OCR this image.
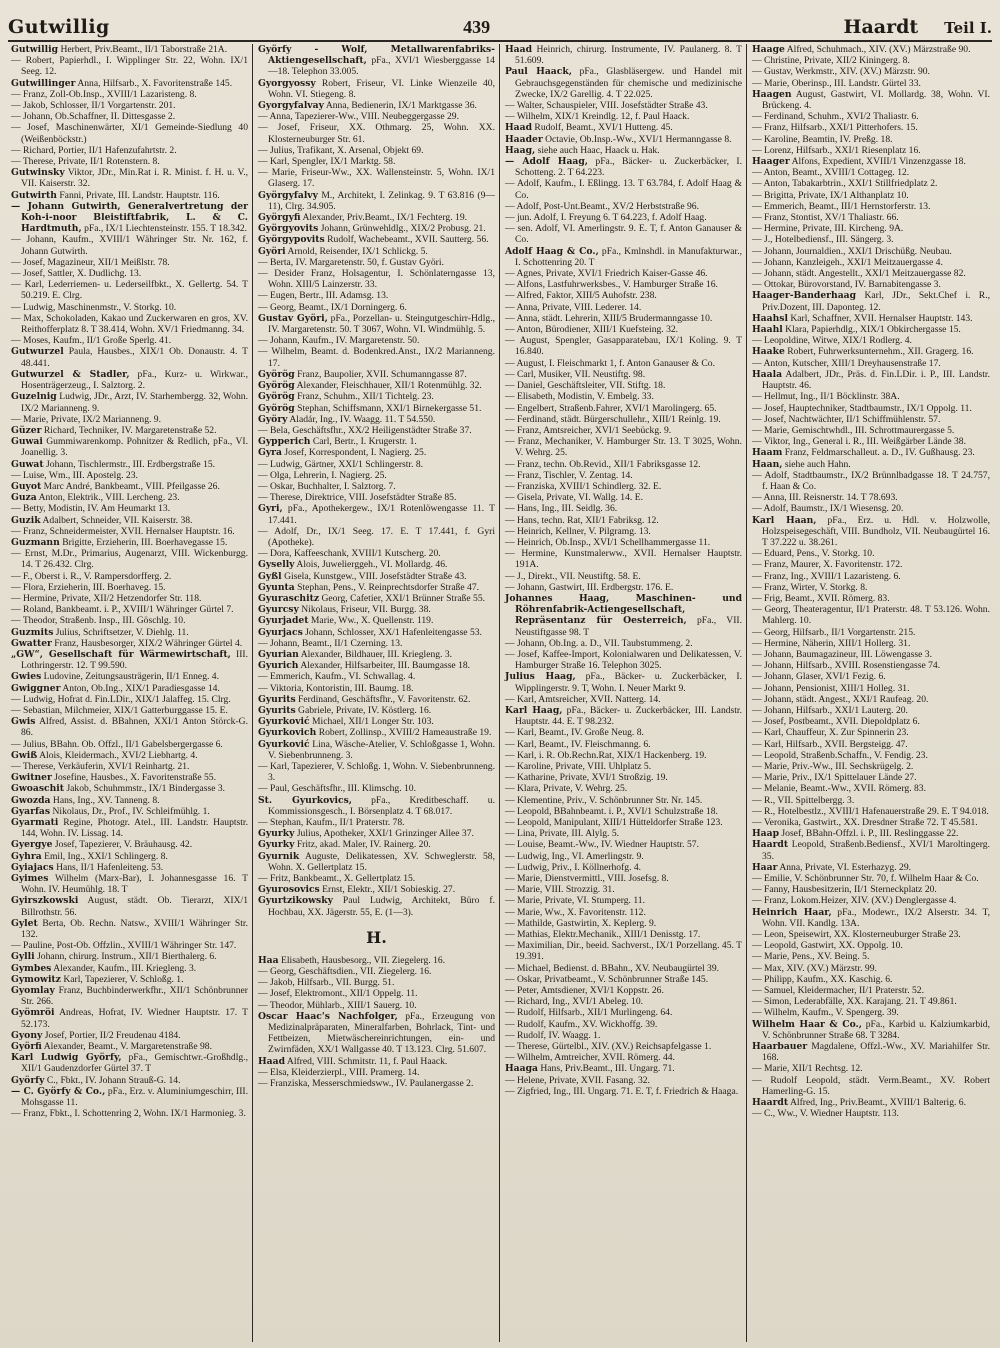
Gutwillig	439	Haardt Teil I.

Gutwillig Herbert, Priv.Beamt., II/1 Taborstraße 21A.

— Robert, Papierhdl., I. Wipplinger Str. 22, Wohn. IX/1 Seeg. 12.

Gutwillinger Anna, Hilfsarb., X. Favoritenstraße 145.

— Franz, Zoll-Ob.Insp., XVIII/1 Lazaristeng. 8.

— Jakob, Schlosser, II/1 Vorgartenstr. 201.

— Johann, Ob.Schaffner, II. Dittesgasse 2.

— Josef, Maschinenwärter, XI/1 Gemeinde-Siedlung 40 (Weißenböckstr.)

— Richard, Portier, II/1 Hafenzufahrtstr. 2.

— Therese, Private, II/1 Rotenstern. 8.

Gutwinsky Viktor, JDr., Min.Rat i. R. Minist. f. H. u. V., VII. Kaiserstr. 32.

Gutwirth Fanni, Private, III. Landstr. Hauptstr. 116.

— Johann Gutwirth, Generalvertretung der Koh-i-noor Bleistiftfabrik, L. & C. Hardtmuth, pFa., IX/1 Liechtensteinstr. 155. T 18.342.

— Johann, Kaufm., XVIII/1 Währinger Str. Nr. 162, f. Johann Gutwirth.

— Josef, Magazineur, XII/1 Meißlstr. 78.

— Josef, Sattler, X. Dudlichg. 13.

— Karl, Lederriemen- u. Lederseilfbkt., X. Gellertg. 54. T 50.219. E. Clrg.

— Ludwig, Maschinenmstr., V. Storkg. 10.

— Max, Schokoladen, Kakao und Zuckerwaren en gros, XV. Reithofferplatz 8. T 38.414, Wohn. XV/1 Friedmanng. 34.

— Moses, Kaufm., II/1 Große Sperlg. 41.

Gutwurzel Paula, Hausbes., XIX/1 Ob. Donaustr. 4. T 48.441.

Gutwurzel & Stadler, pFa., Kurz- u. Wirkwar., Hosenträgerzeug., I. Salztorg. 2.

Guzelnig Ludwig, JDr., Arzt, IV. Starhembergg. 32, Wohn. IX/2 Marianneng. 9.

— Marie, Private, IX/2 Marianneng. 9.

Güzer Richard, Techniker, IV. Margaretenstraße 52.

Guwai Gummiwarenkomp. Pohnitzer & Redlich, pFa., VI. Joanellig. 3.

Guwat Johann, Tischlermstr., III. Erdbergstraße 15.

— Luise, Wm., III. Apostelg. 23.

Guyot Marc André, Bankbeamt., VIII. Pfeilgasse 26.

Guza Anton, Elektrik., VIII. Lercheng. 23.

— Betty, Modistin, IV. Am Heumarkt 13.

Guzik Adalbert, Schneider, VII. Kaiserstr. 38.

— Franz, Schneidermeister, XVII. Hernalser Hauptstr. 16.

Guzmann Brigitte, Erzieherin, III. Boerhavegasse 15.

— Ernst, M.Dr., Primarius, Augenarzt, VIII. Wickenburgg. 14. T 26.432. Clrg.

— F., Oberst i. R., V. Rampersdorfferg. 2.

— Flora, Erzieherin, III. Boerhaveg. 15.

— Hermine, Private, XII/2 Hetzendorfer Str. 118.

— Roland, Bankbeamt. i. P., XVIII/1 Währinger Gürtel 7.

— Theodor, Straßenb. Insp., III. Göschlg. 10.

Guzmits Julius, Schriftsetzer, V. Diehlg. 11.

Gwatter Franz, Hausbesorger, XIX/2 Währinger Gürtel 4.

„GW“, Gesellschaft für Wärmewirtschaft, III. Lothringerstr. 12. T 99.590.

Gwies Ludovine, Zeitungsausträgerin, II/1 Enneg. 4.

Gwiggner Anton, Ob.Ing., XIX/1 Paradiesgasse 14.

— Ludwig, Hofrat d. Fin.LDir., XIX/1 Jalaffeg. 15. Clrg.

— Sebastian, Milchmeier, XIX/1 Gatterburggasse 15. E.

Gwis Alfred, Assist. d. BBahnen, XXI/1 Anton Störck-G. 86.

— Julius, BBahn. Ob. Offzl., II/1 Gabelsbergergasse 6.

Gwiß Alois, Kleidermach., XVI/2 Liebhartg. 4.

— Therese, Verkäuferin, XVI/1 Reinhartg. 21.

Gwitner Josefine, Hausbes., X. Favoritenstraße 55.

Gwoaschit Jakob, Schuhmmstr., IX/1 Bindergasse 3.

Gwozda Hans, Ing., XV. Tanneng. 8.

Gyarfas Nikolaus, Dr., Prof., IV. Schleifmühlg. 1.

Gyarmati Regine, Photogr. Atel., III. Landstr. Hauptstr. 144, Wohn. IV. Lissag. 14.

Gyergye Josef, Tapezierer, V. Bräuhausg. 42.

Gyhra Emil, Ing., XXI/1 Schlingerg. 8.

Gyiajacs Hans, II/1 Hafenleiteng. 53.

Gyimes Wilhelm (Marx-Bar), I. Johannesgasse 16. T Wohn. IV. Heumühlg. 18. T

Gyirszkowski August, städt. Ob. Tierarzt, XIX/1 Billrothstr. 56.

Gylet Berta, Ob. Rechn. Natsw., XVIII/1 Währinger Str. 132.

— Pauline, Post-Ob. Offzlin., XVIII/1 Währinger Str. 147.

Gylli Johann, chirurg. Instrum., XII/1 Bierthalerg. 6.

Gymbes Alexander, Kaufm., III. Kriegleng. 3.

Gymowitz Karl, Tapezierer, V. Schloßg. 1.

Gyomlay Franz, Buchbinderwerkfhr., XII/1 Schönbrunner Str. 266.

Gyömröi Andreas, Hofrat, IV. Wiedner Hauptstr. 17. T 52.173.

Gyony Josef, Portier, II/2 Freudenau 4184.

Györfi Alexander, Beamt., V. Margaretenstraße 98.

Karl Ludwig Györfy, pFa., Gemischtwr.-Großhdlg., XII/1 Gaudenzdorfer Gürtel 37. T

Györfy C., Fbkt., IV. Johann Strauß-G. 14.

— C. Györfy & Co., pFa., Erz. v. Aluminiumgeschirr, III. Mohsgasse 11.

— Franz, Fbkt., I. Schottenring 2, Wohn. IX/1 Harmonieg. 3.

Györfy - Wolf, Metallwarenfabriks-Aktiengesellschaft, pFa., XVI/1 Wiesberggasse 14—18. Telephon 33.005.

Gyorgyossy Robert, Friseur, VI. Linke Wienzeile 40, Wohn. VI. Stiegeng. 8.

Gyorgyfalvay Anna, Bedienerin, IX/1 Marktgasse 36.

— Anna, Tapezierer-Ww., VIII. Neubeggergasse 29.

— Josef, Friseur, XX. Othmarg. 25, Wohn. XX. Klosterneuburger Str. 61.

— Julius, Trafikant, X. Arsenal, Objekt 69.

— Karl, Spengler, IX/1 Marktg. 58.

— Marie, Friseur-Ww., XX. Wallensteinstr. 5, Wohn. IX/1 Glaserg. 17.

Györgyfalvy M., Architekt, I. Zelinkag. 9. T 63.816 (9—11), Clrg. 34.905.

Györgyfi Alexander, Priv.Beamt., IX/1 Fechterg. 19.

Györgyovits Johann, Grünwehldlg., XIX/2 Probusg. 21.

Györgypovits Rudolf, Wachebeamt., XVII. Sautterg. 56.

Györi Arnold, Reisender, IX/1 Schlickg. 5.

— Berta, IV. Margaretenstr. 50, f. Gustav Györi.

— Desider Franz, Holsagentur, I. Schönlaterngasse 13, Wohn. XIII/5 Lainzerstr. 33.

— Eugen, Bertr., III. Adamsg. 13.

— Georg, Beamt., IX/1 Dorningerg. 6.

Gustav Györi, pFa., Porzellan- u. Steingutgeschirr-Hdlg., IV. Margaretenstr. 50. T 3067, Wohn. VI. Windmühlg. 5.

— Johann, Kaufm., IV. Margaretenstr. 50.

— Wilhelm, Beamt. d. Bodenkred.Anst., IX/2 Marianneng. 17.

Györög Franz, Baupolier, XVII. Schumanngasse 87.

Györög Alexander, Fleischhauer, XII/1 Rotenmühlg. 32.

Györög Franz, Schuhm., XII/1 Tichtelg. 23.

Györög Stephan, Schiffsmann, XXI/1 Birnekergasse 51.

Györy Aladár, Ing., IV. Waagg. 11. T 54.550.

— Bela, Geschäftsfhr., XX/2 Heiligenstädter Straße 37.

Gypperich Carl, Bertr., I. Krugerstr. 1.

Gyra Josef, Korrespondent, I. Nagierg. 25.

— Ludwig, Gärtner, XXI/1 Schlingerstr. 8.

— Olga, Lehrerin, I. Nagierg. 25.

— Oskar, Buchhalter, I. Salztorg. 7.

— Therese, Direktrice, VIII. Josefstädter Straße 85.

Gyri, pFa., Apothekergew., IX/1 Rotenlöwengasse 11. T 17.441.

— Adolf, Dr., IX/1 Seeg. 17. E. T 17.441, f. Gyri (Apotheke).

— Dora, Kaffeeschank, XVIII/1 Kutscherg. 20.

Gyselly Alois, Juwelierggeh., VI. Mollardg. 46.

Gyßl Gisela, Kunstgew., VIII. Josefstädter Straße 43.

Gyunta Stephan, Pens., V. Reinprechtsdorfer Straße 47.

Gyuraschitz Georg, Cafetier, XXI/1 Brünner Straße 55.

Gyurcsy Nikolaus, Friseur, VII. Burgg. 38.

Gyurjadet Marie, Ww., X. Quellenstr. 119.

Gyurjacs Johann, Schlosser, XX/1 Hafenleitengasse 53.

— Johann, Beamt., II/1 Czerning. 13.

Gyurian Alexander, Bildhauer, III. Kriegleng. 3.

Gyurich Alexander, Hilfsarbeiter, III. Baumgasse 18.

— Emmerich, Kaufm., VI. Schwallag. 4.

— Viktoria, Kontoristin, III. Baumg. 18.

Gyurits Ferdinand, Geschäftsfhr., V. Favoritenstr. 62.

Gyurits Gabriele, Private, IV. Köstlerg. 16.

Gyurković Michael, XII/1 Longer Str. 103.

Gyurkovich Robert, Zollinsp., XVIII/2 Hameaustraße 19.

Gyurković Lina, Wäsche-Atelier, V. Schloßgasse 1, Wohn. V. Siebenbrunneng. 3.

— Karl, Tapezierer, V. Schloßg. 1, Wohn. V. Siebenbrunneng. 3.

— Paul, Geschäftsfhr., III. Klimschg. 10.

St. Gyurkovics, pFa., Kreditbeschaff. u. Kommissionsgesch., I. Börsenplatz 4. T 68.017.

— Stephan, Kaufm., II/1 Praterstr. 78.

Gyurky Julius, Apotheker, XXI/1 Grinzinger Allee 37.

Gyurky Fritz, akad. Maler, IV. Rainerg. 20.

Gyurnik Auguste, Delikatessen, XV. Schweglerstr. 58, Wohn. X. Gellertplatz 15.

— Fritz, Bankbeamt., X. Gellertplatz 15.

Gyurosovics Ernst, Elektr., XII/1 Sobieskig. 27.

Gyurtzikowsky Paul Ludwig, Architekt, Büro f. Hochbau, XX. Jägerstr. 55, E. (1—3).

H.

Haa Elisabeth, Hausbesorg., VII. Ziegelerg. 16.

— Georg, Geschäftsdien., VII. Ziegelerg. 16.

— Jakob, Hilfsarb., VII. Burgg. 51.

— Josef, Elektromont., XII/1 Oppelg. 11.

— Theodor, Mühlarb., XIII/1 Sauerg. 10.

Oscar Haac's Nachfolger, pFa., Erzeugung von Medizinalpräparaten, Mineralfarben, Bohrlack, Tint- und Fettbeizen, Mietwäschereinrichtungen, ein- und Zwirnfäden, XX/1 Wallgasse 40. T 13.123. Clrg. 51.607.

Haad Alfred, VIII. Schmitstr. 11, f. Paul Haack.

— Elsa, Kleiderzierpl., VIII. Pramerg. 14.

— Franziska, Messerschmiedsww., IV. Paulanergasse 2.

Haad Heinrich, chirurg. Instrumente, IV. Paulanerg. 8. T 51.609.

Paul Haack, pFa., Glasbläsergew. und Handel mit Gebrauchsgegenständen für chemische und medizinische Zwecke, IX/2 Garellig. 4. T 22.025.

— Walter, Schauspieler, VIII. Josefstädter Straße 43.

— Wilhelm, XIX/1 Kreindlg. 12, f. Paul Haack.

Haad Rudolf, Beamt., XVI/1 Hutteng. 45.

Haader Octavie, Ob.Insp.-Ww., XVI/1 Hermanngasse 8.

Haag, siehe auch Haac, Haack u. Hak.

— Adolf Haag, pFa., Bäcker- u. Zuckerbäcker, I. Schotteng. 2. T 64.223.

— Adolf, Kaufm., I. Eßlingg. 13. T 63.784, f. Adolf Haag & Co.

— Adolf, Post-Unt.Beamt., XV/2 Herbststraße 96.

— jun. Adolf, I. Freyung 6. T 64.223, f. Adolf Haag.

— sen. Adolf, VI. Amerlingstr. 9. E. T, f. Anton Ganauser & Co.

Adolf Haag & Co., pFa., Kmlnshdl. in Manufakturwar., I. Schottenring 20. T

— Agnes, Private, XVI/1 Friedrich Kaiser-Gasse 46.

— Alfons, Lastfuhrwerksbes., V. Hamburger Straße 16.

— Alfred, Faktor, XIII/5 Auhofstr. 238.

— Anna, Private, VIII. Lederer. 14.

— Anna, städt. Lehrerin, XIII/5 Brudermanngasse 10.

— Anton, Bürodiener, XIII/1 Kuefsteing. 32.

— August, Spengler, Gasapparatebau, IX/1 Koling. 9. T 16.840.

— August, I. Fleischmarkt 1, f. Anton Ganauser & Co.

— Carl, Musiker, VII. Neustiftg. 98.

— Daniel, Geschäftsleiter, VII. Stiftg. 18.

— Elisabeth, Modistin, V. Embelg. 33.

— Engelbert, Straßenb.Fahrer, XVI/1 Marolingerg. 65.

— Ferdinand, städt. Bürgerschullehr., XIII/1 Reinlg. 19.

— Franz, Amtsreicher, XVI/1 Seebückg. 9.

— Franz, Mechaniker, V. Hamburger Str. 13. T 3025, Wohn. V. Wehrg. 25.

— Franz, techn. Ob.Revid., XII/1 Fabriksgasse 12.

— Franz, Tischler, V. Zentag. 14.

— Franziska, XVIII/1 Schindlerg. 32. E.

— Gisela, Private, VI. Wallg. 14. E.

— Hans, Ing., III. Seidlg. 36.

— Hans, techn. Rat, XII/1 Fabriksg. 12.

— Heinrich, Kellner, V. Pilgramg. 13.

— Heinrich, Ob.Insp., XVI/1 Schellhammergasse 11.

— Hermine, Kunstmalerww., XVII. Hernalser Hauptstr. 191A.

— J., Direkt., VII. Neustiftg. 58. E.

— Johann, Gastwirt, III. Erdbergstr. 176. E.

Johannes Haag, Maschinen- und Röhrenfabrik-Actiengesellschaft, Repräsentanz für Oesterreich, pFa., VII. Neustiftgasse 98. T

— Johann, Ob.Ing. a. D., VII. Taubstummeng. 2.

— Josef, Kaffee-Import, Kolonialwaren und Delikatessen, V. Hamburger Straße 16. Telephon 3025.

Julius Haag, pFa., Bäcker- u. Zuckerbäcker, I. Wipplingerstr. 9. T, Wohn. I. Neuer Markt 9.

— Karl, Amtsreicher, XVII. Natterg. 14.

Karl Haag, pFa., Bäcker- u. Zuckerbäcker, III. Landstr. Hauptstr. 44. E. T 98.232.

— Karl, Beamt., IV. Große Neug. 8.

— Karl, Beamt., IV. Fleischmanng. 6.

— Karl, i. R. Ob.Rechn.Rat, XIX/1 Hackenberg. 19.

— Karoline, Private, VIII. Uhlplatz 5.

— Katharine, Private, XVI/1 Stroßzig. 19.

— Klara, Private, V. Wehrg. 25.

— Klementine, Priv., V. Schönbrunner Str. Nr. 145.

— Leopold, BBahnbeamt. i. P., XVI/1 Schulzstraße 18.

— Leopold, Manipulant, XIII/1 Hütteldorfer Straße 123.

— Lina, Private, III. Alylg. 5.

— Louise, Beamt.-Ww., IV. Wiedner Hauptstr. 57.

— Ludwig, Ing., VI. Amerlingstr. 9.

— Ludwig, Priv., I. Köllnerhofg. 4.

— Marie, Dienstvermittl., VIII. Josefsg. 8.

— Marie, VIII. Strozzig. 31.

— Marie, Private, VI. Stumperg. 11.

— Marie, Ww., X. Favoritenstr. 112.

— Mathilde, Gastwirtin, X. Keplerg. 9.

— Mathias, Elektr.Mechanik., XIII/1 Denisstg. 17.

— Maximilian, Dir., beeid. Sachverst., IX/1 Porzellang. 45. T 19.391.

— Michael, Bedienst. d. BBahn., XV. Neubaugürtel 39.

— Oskar, Privatbeamt., V. Schönbrunner Straße 145.

— Peter, Amtsdiener, XVI/1 Koppstr. 26.

— Richard, Ing., XVI/1 Abeleg. 10.

— Rudolf, Hilfsarb., XII/1 Murlingeng. 64.

— Rudolf, Kaufm., XV. Wickhoffg. 39.

— Rudolf, IV. Waagg. 1.

— Therese, Gürtelbl., XIV. (XV.) Reichsapfelgasse 1.

— Wilhelm, Amtreicher, XVII. Römerg. 44.

Haaga Hans, Priv.Beamt., III. Ungarg. 71.

— Helene, Private, XVII. Fasang. 32.

— Zigfried, Ing., III. Ungarg. 71. E. T, f. Friedrich & Haaga.

Haage Alfred, Schuhmach., XIV. (XV.) Märzstraße 90.

— Christine, Private, XII/2 Kiningerg. 8.

— Gustav, Werkmstr., XIV. (XV.) Märzstr. 90.

— Marie, Oberinsp., III. Landstr. Gürtel 33.

Haagen August, Gastwirt, VI. Mollardg. 38, Wohn. VI. Brückeng. 4.

— Ferdinand, Schuhm., XVI/2 Thaliastr. 6.

— Franz, Hilfsarb., XXI/1 Pitterhofers. 15.

— Karoline, Beamtin, IV. Preßg. 18.

— Lorenz, Hilfsarb., XXI/1 Riesenplatz 16.

Haager Alfons, Expedient, XVIII/1 Vinzenzgasse 18.

— Anton, Beamt., XVIII/1 Cottageg. 12.

— Anton, Tabakarbtrin., XXI/1 Stillfriedplatz 2.

— Brigitta, Private, IX/1 Althanplatz 10.

— Emmerich, Beamt., III/1 Hernstorferstr. 13.

— Franz, Stontist, XV/1 Thaliastr. 66.

— Hermine, Private, III. Kircheng. 9A.

— J., Hotelbediensf., III. Sängerg. 3.

— Johann, Journaldien., XXI/1 Drischüßg. Neubau.

— Johann, Kanzleigeh., XXI/1 Meitzauergasse 4.

— Johann, städt. Angestellt., XXI/1 Meitzauergasse 82.

— Ottokar, Bürovorstand, IV. Barnabitengasse 3.

Haager-Banderhaag Karl, JDr., Sekt.Chef i. R., Priv.Dozent, III. Daponteg. 12.

Haahsl Karl, Schaffner, XVII. Hernalser Hauptstr. 143.

Haahl Klara, Papierhdlg., XIX/1 Obkirchergasse 15.

— Leopoldine, Witwe, XIX/1 Rodlerg. 4.

Haake Robert, Fuhrwerksunternehm., XII. Gragerg. 16.

— Anton, Kutscher, XIII/1 Dreyhausenstraße 17.

Haala Adalbert, JDr., Präs. d. Fin.LDir. i. P., III. Landstr. Hauptstr. 46.

— Hellmut, Ing., II/1 Böcklinstr. 38A.

— Josef, Hauptechniker, Stadtbaumstr., IX/1 Oppolg. 11.

— Josef, Nachtwächter, II/1 Schiffmühlenstr. 57.

— Marie, Gemischtwhdl., III. Schrottmaurergasse 5.

— Viktor, Ing., General i. R., III. Weißgärber Lände 38.

Haam Franz, Feldmarschalleut. a. D., IV. Gußhausg. 23.

Haan, siehe auch Hahn.

— Adolf, Stadtbaumstr., IX/2 Brünnlbadgasse 18. T 24.757, f. Haan & Co.

— Anna, III. Reisnerstr. 14. T 78.693.

— Adolf, Baumstr., IX/1 Wiesensg. 20.

Karl Haan, pFa., Erz. u. Hdl. v. Holzwolle, Holzspeisegeschäft, VIII. Bundholz, VII. Neubaugürtel 16. T 37.222 u. 38.261.

— Eduard, Pens., V. Storkg. 10.

— Franz, Maurer, X. Favoritenstr. 172.

— Franz, Ing., XVIII/1 Lazaristeng. 6.

— Franz, Wirter, V. Storkg. 8.

— Frig, Beamt., XVII. Römerg. 83.

— Georg, Theateragentur, II/1 Praterstr. 48. T 53.126. Wohn. Mahlerg. 10.

— Georg, Hilfsarb., II/1 Vorgartenstr. 215.

— Hermine, Näherin, XIII/1 Hollerg. 31.

— Johann, Baumagazineur, III. Löwengasse 3.

— Johann, Hilfsarb., XVIII. Rosenstiengasse 74.

— Johann, Glaser, XVI/1 Fezig. 6.

— Johann, Pensionist, XIII/1 Holleg. 31.

— Johann, städt. Angest., XXI/1 Raufeag. 20.

— Johann, Hilfsarb., XXI/1 Lauterg. 20.

— Josef, Postbeamt., XVII. Diepoldplatz 6.

— Karl, Chauffeur, X. Zur Spinnerin 23.

— Karl, Hilfsarb., XVII. Bergsteigg. 47.

— Leopold, Straßenb.Schaffn., V. Fendig. 23.

— Marie, Priv.-Ww., III. Sechskrügelg. 2.

— Marie, Priv., IX/1 Spittelauer Lände 27.

— Melanie, Beamt.-Ww., XVII. Römerg. 83.

— R., VII. Spittelbergg. 3.

— R., Hotelbestlz., XVIII/1 Hafenauerstraße 29. E. T 94.018.

— Veronika, Gastwirt., XX. Dresdner Straße 72. T 45.581.

Haap Josef, BBahn-Offzl. i. P., III. Reslinggasse 22.

Haardt Leopold, Straßenb.Bediensf., XVI/1 Maroltingerg. 35.

Haar Anna, Private, VI. Esterhazyg. 29.

— Emilie, V. Schönbrunner Str. 70, f. Wilhelm Haar & Co.

— Fanny, Hausbesitzerin, II/1 Sterneckplatz 20.

— Franz, Lokom.Heizer, XIV. (XV.) Denglergasse 4.

Heinrich Haar, pFa., Modewr., IX/2 Alserstr. 34. T, Wohn. VII. Kandlg. 13A.

— Leon, Speisewirt, XX. Klosterneuburger Straße 23.

— Leopold, Gastwirt, XX. Oppolg. 10.

— Marie, Pens., XV. Being. 5.

— Max, XIV. (XV.) Märzstr. 99.

— Philipp, Kaufm., XX. Kaschig. 6.

— Samuel, Kleidermacher, II/1 Praterstr. 52.

— Simon, Lederabfälle, XX. Karajang. 21. T 49.861.

— Wilhelm, Kaufm., V. Spengerg. 39.

Wilhelm Haar & Co., pFa., Karbid u. Kalziumkarbid, V. Schönbrunner Straße 68. T 3284.

Haarbauer Magdalene, Offzl.-Ww., XV. Mariahilfer Str. 168.

— Marie, XII/1 Rechtsg. 12.

— Rudolf Leopold, städt. Verm.Beamt., XV. Robert Hamerling-G. 15.

Haardt Alfred, Ing., Priv.Beamt., XVIII/1 Balterig. 6.

— C., Ww., V. Wiedner Hauptstr. 113.
